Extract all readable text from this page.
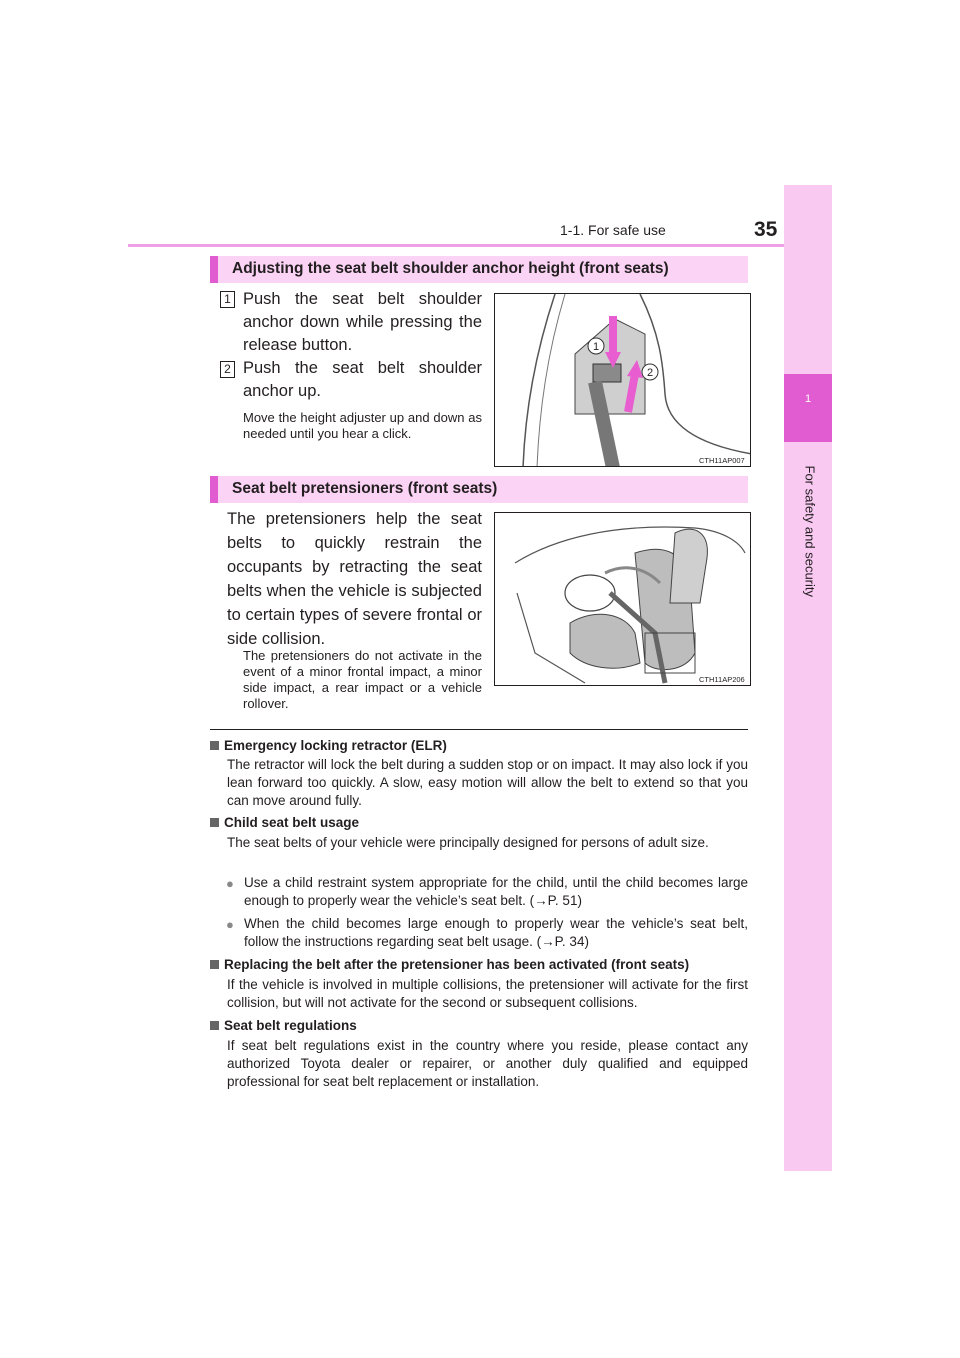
1-1. For safe use	35
1
For safety and security
Adjusting the seat belt shoulder anchor height (front seats)
1 Push the seat belt shoulder anchor down while pressing the release button.
2 Push the seat belt shoulder anchor up.
Move the height adjuster up and down as needed until you hear a click.
1
2
CTH11AP007
Seat belt pretensioners (front seats)
The pretensioners help the seat belts to quickly restrain the occupants by retracting the seat belts when the vehicle is subjected to certain types of severe frontal or side collision.
The pretensioners do not activate in the event of a minor frontal impact, a minor side impact, a rear impact or a vehicle rollover.
CTH11AP206
Emergency locking retractor (ELR)
The retractor will lock the belt during a sudden stop or on impact. It may also lock if you lean forward too quickly. A slow, easy motion will allow the belt to extend so that you can move around fully.
Child seat belt usage
The seat belts of your vehicle were principally designed for persons of adult size.
● Use a child restraint system appropriate for the child, until the child becomes large enough to properly wear the vehicle’s seat belt. (→P. 51)
● When the child becomes large enough to properly wear the vehicle’s seat belt, follow the instructions regarding seat belt usage. (→P. 34)
Replacing the belt after the pretensioner has been activated (front seats)
If the vehicle is involved in multiple collisions, the pretensioner will activate for the first collision, but will not activate for the second or subsequent collisions.
Seat belt regulations
If seat belt regulations exist in the country where you reside, please contact any authorized Toyota dealer or repairer, or another duly qualified and equipped professional for seat belt replacement or installation.
